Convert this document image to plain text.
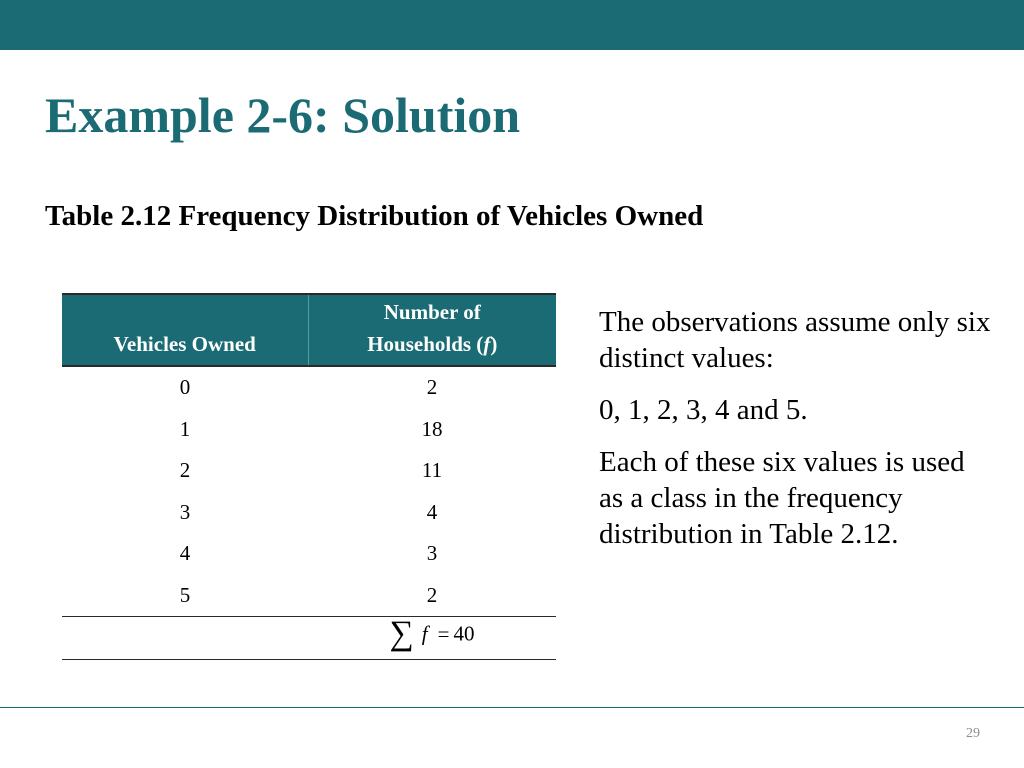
Example 2-6: Solution
Table 2.12 Frequency Distribution of Vehicles Owned
Vehicles Owned	Number of
Households (f)
0	2
1	18
2	11
3	4
4	3
5	2
	∑ f = 40

The observations assume only six distinct values:

0, 1, 2, 3, 4 and 5.

Each of these six values is used as a class in the frequency distribution in Table 2.12.

29
